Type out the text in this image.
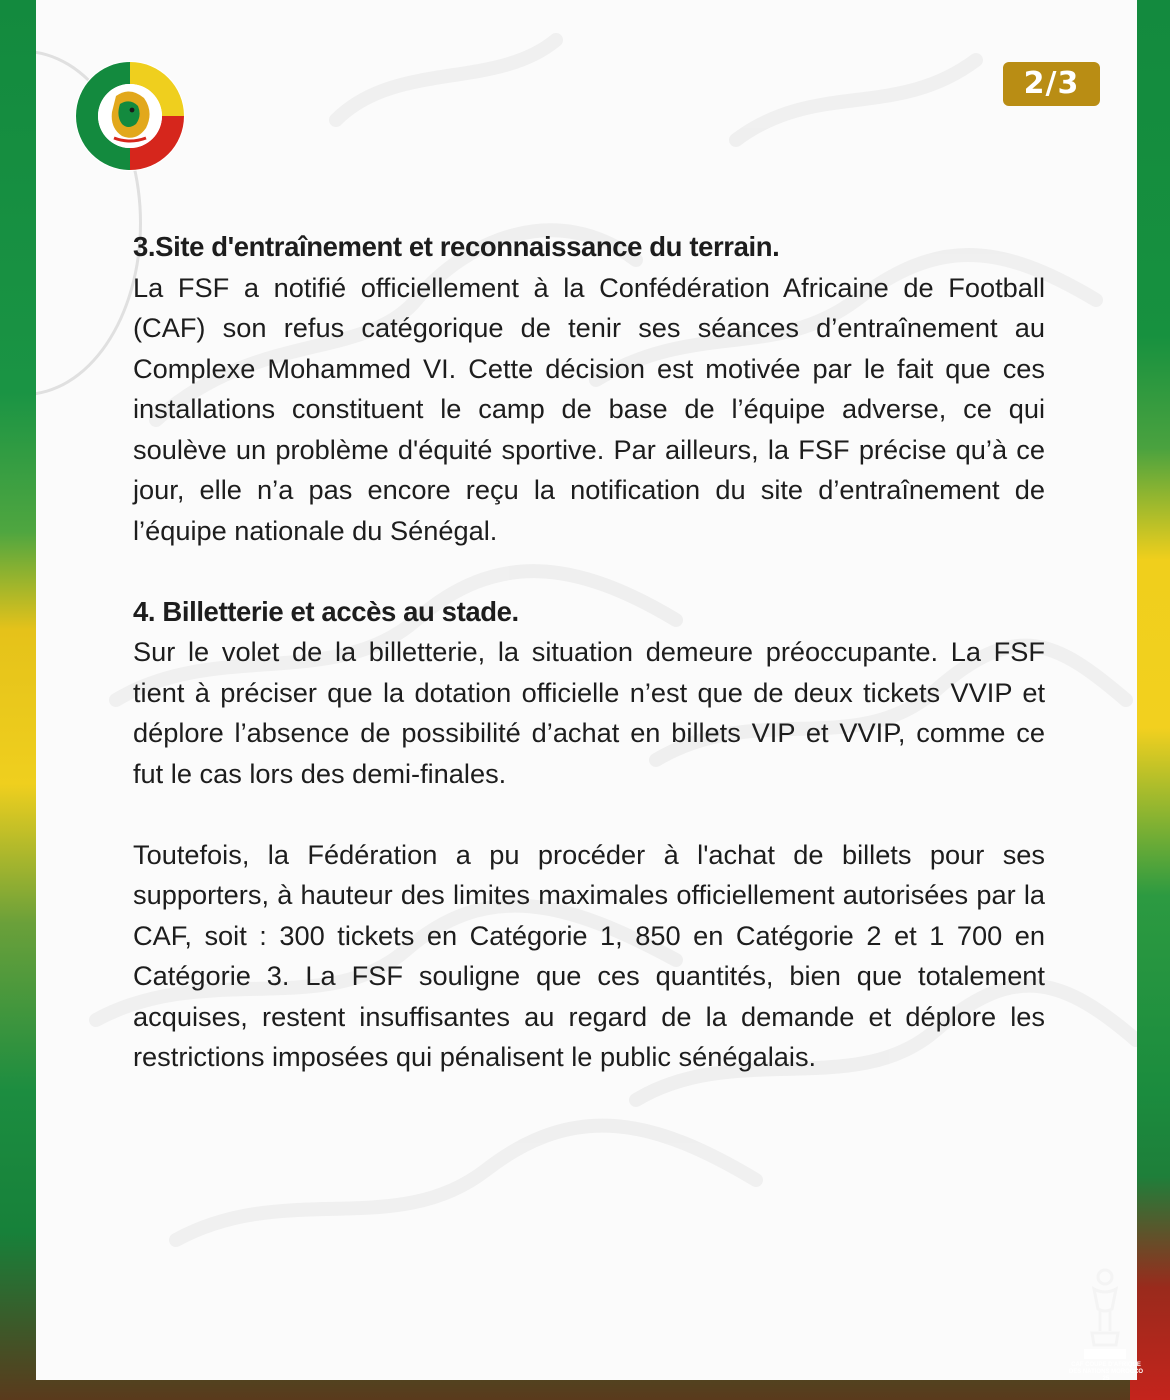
2/3
3.Site d'entraînement et reconnaissance du terrain.

La FSF a notifié officiellement à la Confédération Africaine de Football (CAF) son refus catégorique de tenir ses séances d’entraînement au Complexe Mohammed VI. Cette décision est motivée par le fait que ces installations constituent le camp de base de l’équipe adverse, ce qui soulève un problème d'équité sportive. Par ailleurs, la FSF précise qu’à ce jour, elle n’a pas encore reçu la notification du site d’entraînement de l’équipe nationale du Sénégal.

4. Billetterie et accès au stade.

Sur le volet de la billetterie, la situation demeure préoccupante. La FSF tient à préciser que la dotation officielle n’est que de deux tickets VVIP et déplore l’absence de possibilité d’achat en billets VIP et VVIP, comme ce fut le cas lors des demi-finales.

Toutefois, la Fédération a pu procéder à l'achat de billets pour ses supporters, à hauteur des limites maximales officiellement autorisées par la CAF, soit : 300 tickets en Catégorie 1, 850 en Catégorie 2 et 1 700 en Catégorie 3. La FSF souligne que ces quantités, bien que totalement acquises, restent insuffisantes au regard de la demande et déplore les restrictions imposées qui pénalisent le public sénégalais.

CAF COUPE D'AFRIQUE DES NATIONS MOROCCO 25
